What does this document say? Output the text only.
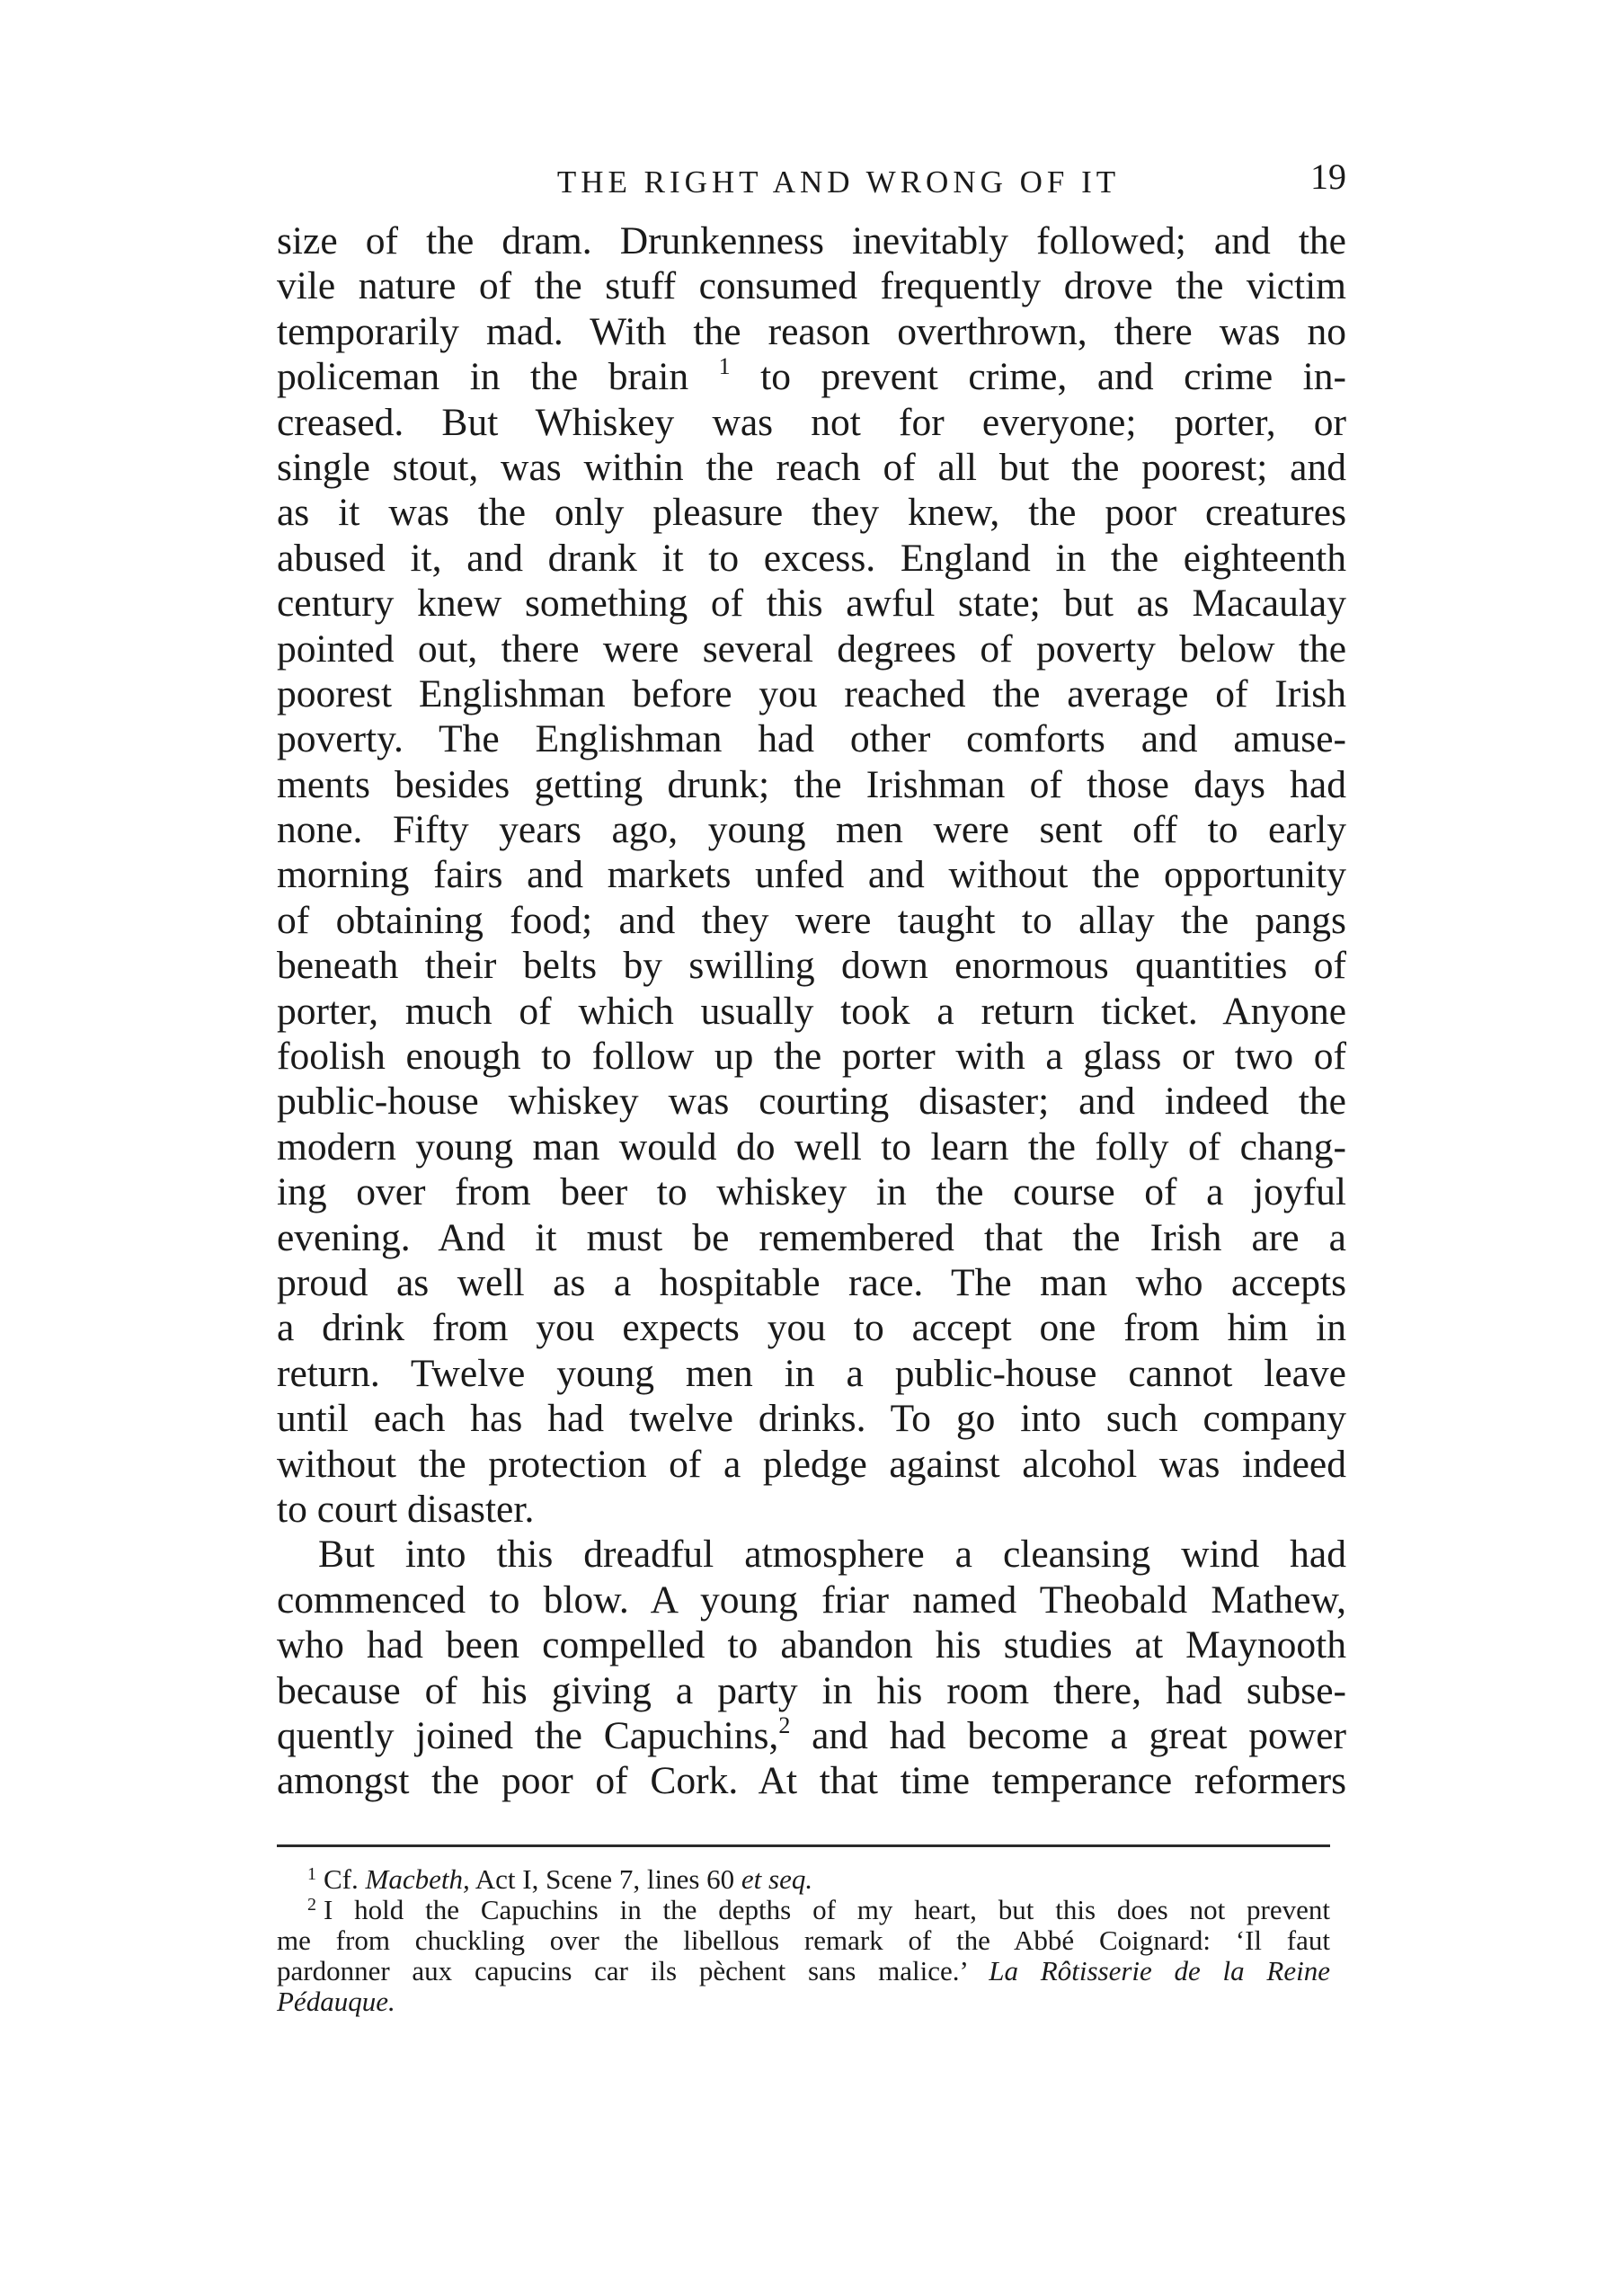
THE RIGHT AND WRONG OF IT	19
size of the dram. Drunkenness inevitably followed; and the
vile nature of the stuff consumed frequently drove the victim
temporarily mad. With the reason overthrown, there was no
policeman in the brain $^1$ to prevent crime, and crime in-
creased. But Whiskey was not for everyone; porter, or
single stout, was within the reach of all but the poorest; and
as it was the only pleasure they knew, the poor creatures
abused it, and drank it to excess. England in the eighteenth
century knew something of this awful state; but as Macaulay
pointed out, there were several degrees of poverty below the
poorest Englishman before you reached the average of Irish
poverty. The Englishman had other comforts and amuse-
ments besides getting drunk; the Irishman of those days had
none. Fifty years ago, young men were sent off to early
morning fairs and markets unfed and without the opportunity
of obtaining food; and they were taught to allay the pangs
beneath their belts by swilling down enormous quantities of
porter, much of which usually took a return ticket. Anyone
foolish enough to follow up the porter with a glass or two of
public-house whiskey was courting disaster; and indeed the
modern young man would do well to learn the folly of chang-
ing over from beer to whiskey in the course of a joyful
evening. And it must be remembered that the Irish are a
proud as well as a hospitable race. The man who accepts
a drink from you expects you to accept one from him in
return. Twelve young men in a public-house cannot leave
until each has had twelve drinks. To go into such company
without the protection of a pledge against alcohol was indeed
to court disaster.
But into this dreadful atmosphere a cleansing wind had
commenced to blow. A young friar named Theobald Mathew,
who had been compelled to abandon his studies at Maynooth
because of his giving a party in his room there, had subse-
quently joined the Capuchins,$^2$ and had become a great power
amongst the poor of Cork. At that time temperance reformers
$^1$ Cf. Macbeth, Act I, Scene 7, lines 60 et seq.
$^2$ I hold the Capuchins in the depths of my heart, but this does not prevent
me from chuckling over the libellous remark of the Abbé Coignard: ‘Il faut
pardonner aux capucins car ils pèchent sans malice.’ La Rôtisserie de la Reine
Pédauque.
